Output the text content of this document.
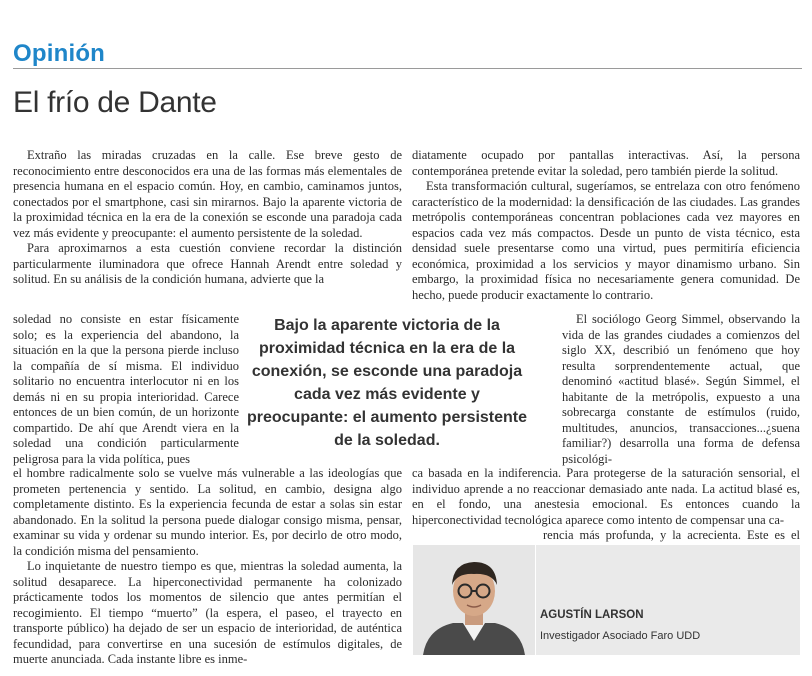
Opinión
El frío de Dante

Extraño las miradas cruzadas en la calle. Ese breve gesto de reconocimiento entre desconocidos era una de las formas más elementales de presencia humana en el espacio común. Hoy, en cambio, caminamos juntos, conectados por el smartphone, casi sin mirarnos. Bajo la aparente victoria de la proximidad técnica en la era de la conexión se esconde una paradoja cada vez más evidente y preocupante: el aumento persistente de la soledad.

Para aproximarnos a esta cuestión conviene recordar la distinción particularmente iluminadora que ofrece Hannah Arendt entre soledad y solitud. En su análisis de la condición humana, advierte que la

soledad no consiste en estar físicamente solo; es la experiencia del abandono, la situación en la que la persona pierde incluso la compañía de sí misma. El individuo solitario no encuentra interlocutor ni en los demás ni en su propia interioridad. Carece entonces de un bien común, de un horizonte compartido. De ahí que Arendt viera en la soledad una condición particularmente peligrosa para la vida política, pues

el hombre radicalmente solo se vuelve más vulnerable a las ideologías que prometen pertenencia y sentido. La solitud, en cambio, designa algo completamente distinto. Es la experiencia fecunda de estar a solas sin estar abandonado. En la solitud la persona puede dialogar consigo misma, pensar, examinar su vida y ordenar su mundo interior. Es, por decirlo de otro modo, la condición misma del pensamiento.

Lo inquietante de nuestro tiempo es que, mientras la soledad aumenta, la solitud desaparece. La hiperconectividad permanente ha colonizado prácticamente todos los momentos de silencio que antes permitían el recogimiento. El tiempo “muerto” (la espera, el paseo, el trayecto en transporte público) ha dejado de ser un espacio de interioridad, de auténtica fecundidad, para convertirse en una sucesión de estímulos digitales, de muerte anunciada. Cada instante libre es inme-

Bajo la aparente victoria de la proximidad técnica en la era de la conexión, se esconde una paradoja cada vez más evidente y preocupante: el aumento persistente de la soledad.

diatamente ocupado por pantallas interactivas. Así, la persona contemporánea pretende evitar la soledad, pero también pierde la solitud.

Esta transformación cultural, sugeríamos, se entrelaza con otro fenómeno característico de la modernidad: la densificación de las ciudades. Las grandes metrópolis contemporáneas concentran poblaciones cada vez mayores en espacios cada vez más compactos. Desde un punto de vista técnico, esta densidad suele presentarse como una virtud, pues permitiría eficiencia económica, proximidad a los servicios y mayor dinamismo urbano. Sin embargo, la proximidad física no necesariamente genera comunidad. De hecho, puede producir exactamente lo contrario.

El sociólogo Georg Simmel, observando la vida de las grandes ciudades a comienzos del siglo XX, describió un fenómeno que hoy resulta sorprendentemente actual, que denominó «actitud blasé». Según Simmel, el habitante de la metrópolis, expuesto a una sobrecarga constante de estímulos (ruido, multitudes, anuncios, transacciones...¿suena familiar?) desarrolla una forma de defensa psicológi-

ca basada en la indiferencia. Para protegerse de la saturación sensorial, el individuo aprende a no reaccionar demasiado ante nada. La actitud blasé es, en el fondo, una anestesia emocional. Es entonces cuando la hiperconectividad tecnológica aparece como intento de compensar una ca-

rencia más profunda, y la acrecienta. Este es el

AGUSTÍN LARSON
Investigador Asociado Faro UDD
